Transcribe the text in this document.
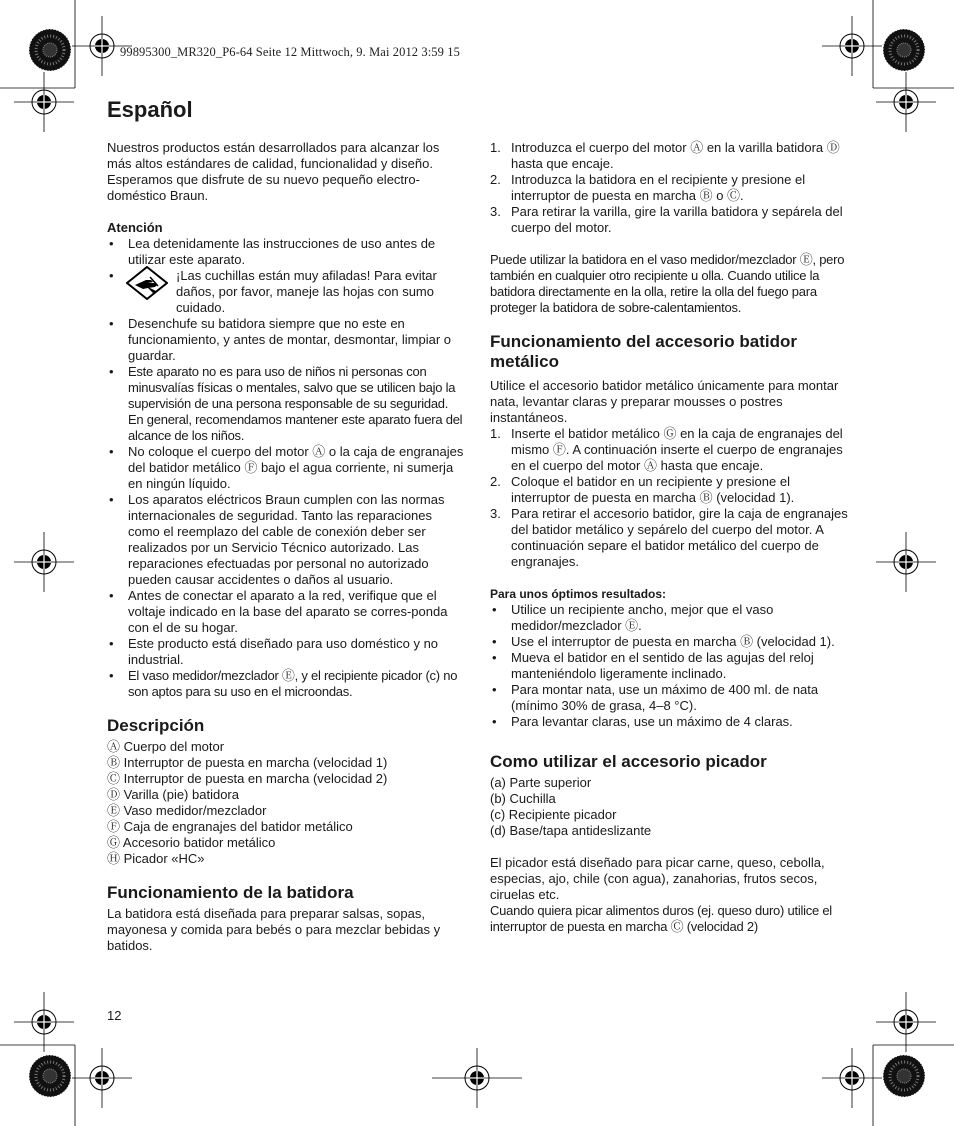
99895300_MR320_P6-64 Seite 12 Mittwoch, 9. Mai 2012 3:59 15
Español

Nuestros productos están desarrollados para alcanzar los más altos estándares de calidad, funcionalidad y diseño.

Esperamos que disfrute de su nuevo pequeño electro-doméstico Braun.

Atención

• Lea detenidamente las instrucciones de uso antes de utilizar este aparato.
• ¡Las cuchillas están muy afiladas! Para evitar daños, por favor, maneje las hojas con sumo cuidado.
• Desenchufe su batidora siempre que no este en funcionamiento, y antes de montar, desmontar, limpiar o guardar.
• Este aparato no es para uso de niños ni personas con minusvalías físicas o mentales, salvo que se utilicen bajo la supervisión de una persona responsable de su seguridad. En general, recomendamos mantener este aparato fuera del alcance de los niños.
• No coloque el cuerpo del motor Ⓐ o la caja de engranajes del batidor metálico Ⓕ bajo el agua corriente, ni sumerja en ningún líquido.
• Los aparatos eléctricos Braun cumplen con las normas internacionales de seguridad. Tanto las reparaciones como el reemplazo del cable de conexión deber ser realizados por un Servicio Técnico autorizado. Las reparaciones efectuadas por personal no autorizado pueden causar accidentes o daños al usuario.
• Antes de conectar el aparato a la red, verifique que el voltaje indicado en la base del aparato se corres-ponda con el de su hogar.
• Este producto está diseñado para uso doméstico y no industrial.
• El vaso medidor/mezclador Ⓔ, y el recipiente picador (c) no son aptos para su uso en el microondas.
Descripción
Ⓐ Cuerpo del motor
Ⓑ Interruptor de puesta en marcha (velocidad 1)
Ⓒ Interruptor de puesta en marcha (velocidad 2)
Ⓓ Varilla (pie) batidora
Ⓔ Vaso medidor/mezclador
Ⓕ Caja de engranajes del batidor metálico
Ⓖ Accesorio batidor metálico
Ⓗ Picador «HC»
Funcionamiento de la batidora

La batidora está diseñada para preparar salsas, sopas, mayonesa y comida para bebés o para mezclar bebidas y batidos.

1. Introduzca el cuerpo del motor Ⓐ en la varilla batidora Ⓓ hasta que encaje.
2. Introduzca la batidora en el recipiente y presione el interruptor de puesta en marcha Ⓑ o Ⓒ.
3. Para retirar la varilla, gire la varilla batidora y sepárela del cuerpo del motor.

Puede utilizar la batidora en el vaso medidor/mezclador Ⓔ, pero también en cualquier otro recipiente u olla. Cuando utilice la batidora directamente en la olla, retire la olla del fuego para proteger la batidora de sobre-calentamientos.

Funcionamiento del accesorio batidor metálico

Utilice el accesorio batidor metálico únicamente para montar nata, levantar claras y preparar mousses o postres instantáneos.

1. Inserte el batidor metálico Ⓖ en la caja de engranajes del mismo Ⓕ. A continuación inserte el cuerpo de engranajes en el cuerpo del motor Ⓐ hasta que encaje.
2. Coloque el batidor en un recipiente y presione el interruptor de puesta en marcha Ⓑ (velocidad 1).
3. Para retirar el accesorio batidor, gire la caja de engranajes del batidor metálico y sepárelo del cuerpo del motor. A continuación separe el batidor metálico del cuerpo de engranajes.

Para unos óptimos resultados:

• Utilice un recipiente ancho, mejor que el vaso medidor/mezclador Ⓔ.
• Use el interruptor de puesta en marcha Ⓑ (velocidad 1).
• Mueva el batidor en el sentido de las agujas del reloj manteniéndolo ligeramente inclinado.
• Para montar nata, use un máximo de 400 ml. de nata (mínimo 30% de grasa, 4–8 °C).
• Para levantar claras, use un máximo de 4 claras.
Como utilizar el accesorio picador
(a) Parte superior
(b) Cuchilla
(c) Recipiente picador
(d) Base/tapa antideslizante

El picador está diseñado para picar carne, queso, cebolla, especias, ajo, chile (con agua), zanahorias, frutos secos, ciruelas etc.

Cuando quiera picar alimentos duros (ej. queso duro) utilice el interruptor de puesta en marcha Ⓒ (velocidad 2)

12
